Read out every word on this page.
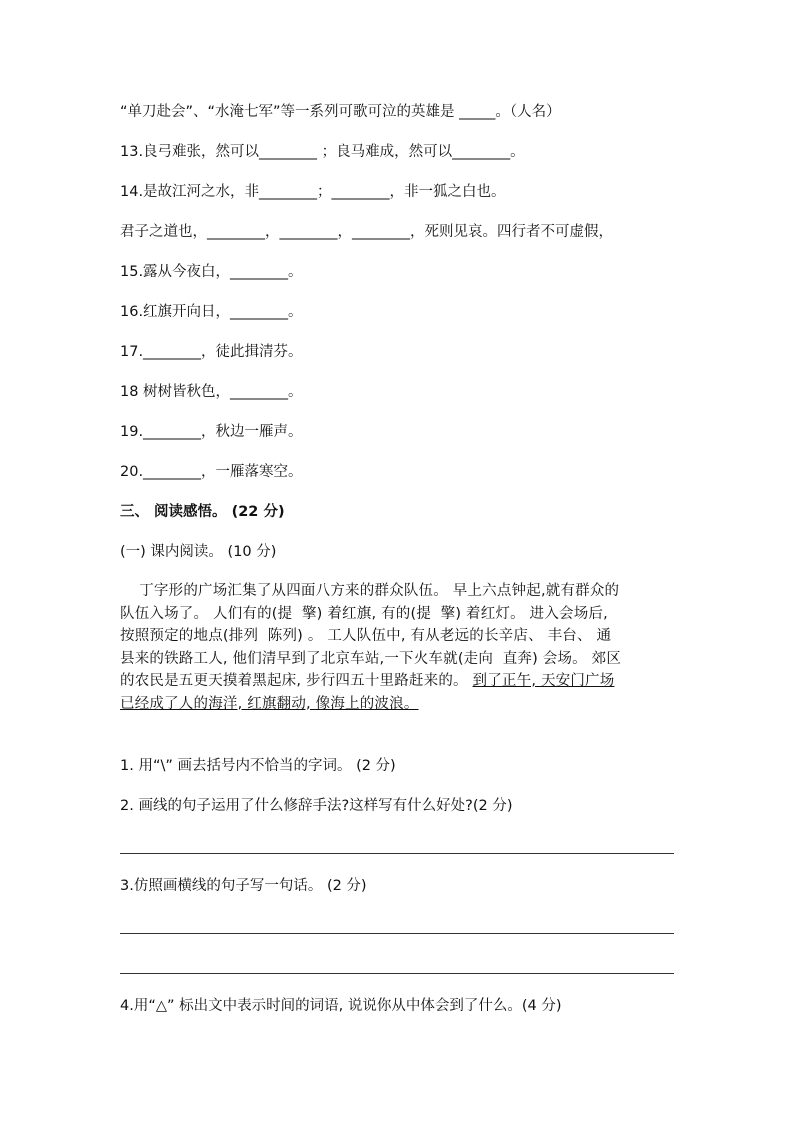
“单刀赴会”、“水淹七军”等一系列可歌可泣的英雄是 _____。（人名）
13.良弓难张，然可以________ ；良马难成，然可以________。
14.是故江河之水，非________；________，非一狐之白也。
君子之道也，________，________，________，死则见哀。四行者不可虚假，
15.露从今夜白，________。
16.红旗开向日，________。
17.________，徒此揖清芬。
18 树树皆秋色，________。
19.________，秋边一雁声。
20.________，一雁落寒空。
三、 阅读感悟。 (22 分)
(一) 课内阅读。 (10 分)

丁字形的广场汇集了从四面八方来的群众队伍。 早上六点钟起,就有群众的

队伍入场了。 人们有的(提  擎) 着红旗, 有的(提  擎) 着红灯。 进入会场后,

按照预定的地点(排列  陈列) 。 工人队伍中, 有从老远的长辛店、 丰台、 通

县来的铁路工人, 他们清早到了北京车站,一下火车就(走向  直奔) 会场。 郊区

的农民是五更天摸着黑起床, 步行四五十里路赶来的。 到了正午, 天安门广场

已经成了人的海洋, 红旗翻动, 像海上的波浪。

1. 用“\” 画去括号内不恰当的字词。 (2 分)
2. 画线的句子运用了什么修辞手法?这样写有什么好处?(2 分)
3.仿照画横线的句子写一句话。 (2 分)
4.用“△” 标出文中表示时间的词语, 说说你从中体会到了什么。(4 分)
